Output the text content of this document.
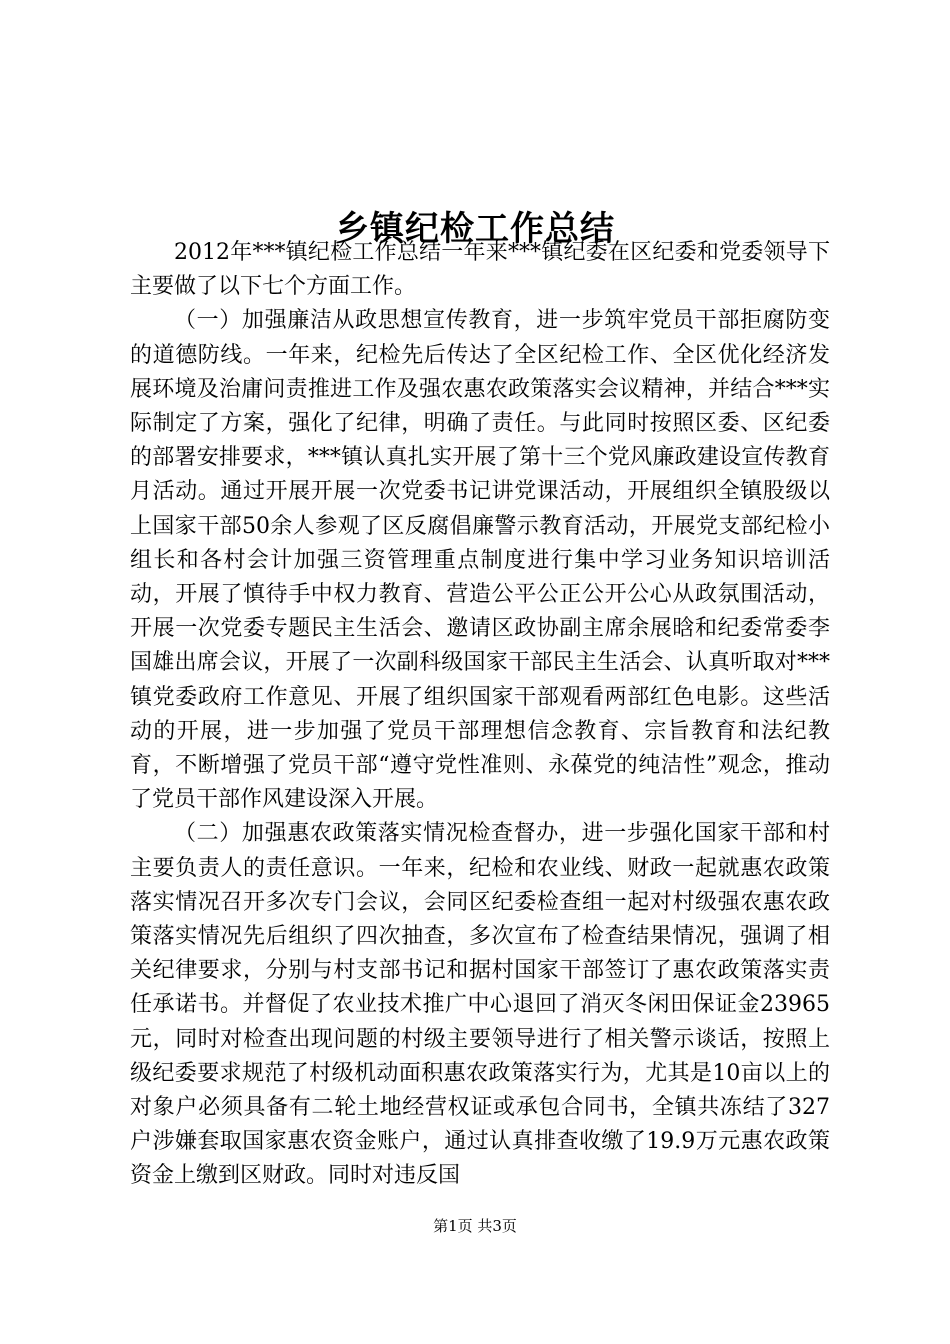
乡镇纪检工作总结

2012年***镇纪检工作总结一年来***镇纪委在区纪委和党委领导下主要做了以下七个方面工作。

（一）加强廉洁从政思想宣传教育，进一步筑牢党员干部拒腐防变的道德防线。一年来，纪检先后传达了全区纪检工作、全区优化经济发展环境及治庸问责推进工作及强农惠农政策落实会议精神，并结合***实际制定了方案，强化了纪律，明确了责任。与此同时按照区委、区纪委的部署安排要求，***镇认真扎实开展了第十三个党风廉政建设宣传教育月活动。通过开展开展一次党委书记讲党课活动，开展组织全镇股级以上国家干部50余人参观了区反腐倡廉警示教育活动，开展党支部纪检小组长和各村会计加强三资管理重点制度进行集中学习业务知识培训活动，开展了慎待手中权力教育、营造公平公正公开公心从政氛围活动，开展一次党委专题民主生活会、邀请区政协副主席余展晗和纪委常委李国雄出席会议，开展了一次副科级国家干部民主生活会、认真听取对***镇党委政府工作意见、开展了组织国家干部观看两部红色电影。这些活动的开展，进一步加强了党员干部理想信念教育、宗旨教育和法纪教育，不断增强了党员干部“遵守党性准则、永葆党的纯洁性”观念，推动了党员干部作风建设深入开展。

（二）加强惠农政策落实情况检查督办，进一步强化国家干部和村主要负责人的责任意识。一年来，纪检和农业线、财政一起就惠农政策落实情况召开多次专门会议，会同区纪委检查组一起对村级强农惠农政策落实情况先后组织了四次抽查，多次宣布了检查结果情况，强调了相关纪律要求，分别与村支部书记和据村国家干部签订了惠农政策落实责任承诺书。并督促了农业技术推广中心退回了消灭冬闲田保证金23965元，同时对检查出现问题的村级主要领导进行了相关警示谈话，按照上级纪委要求规范了村级机动面积惠农政策落实行为，尤其是10亩以上的对象户必须具备有二轮土地经营权证或承包合同书，全镇共冻结了327户涉嫌套取国家惠农资金账户，通过认真排查收缴了19.9万元惠农政策资金上缴到区财政。同时对违反国

第1页 共3页
